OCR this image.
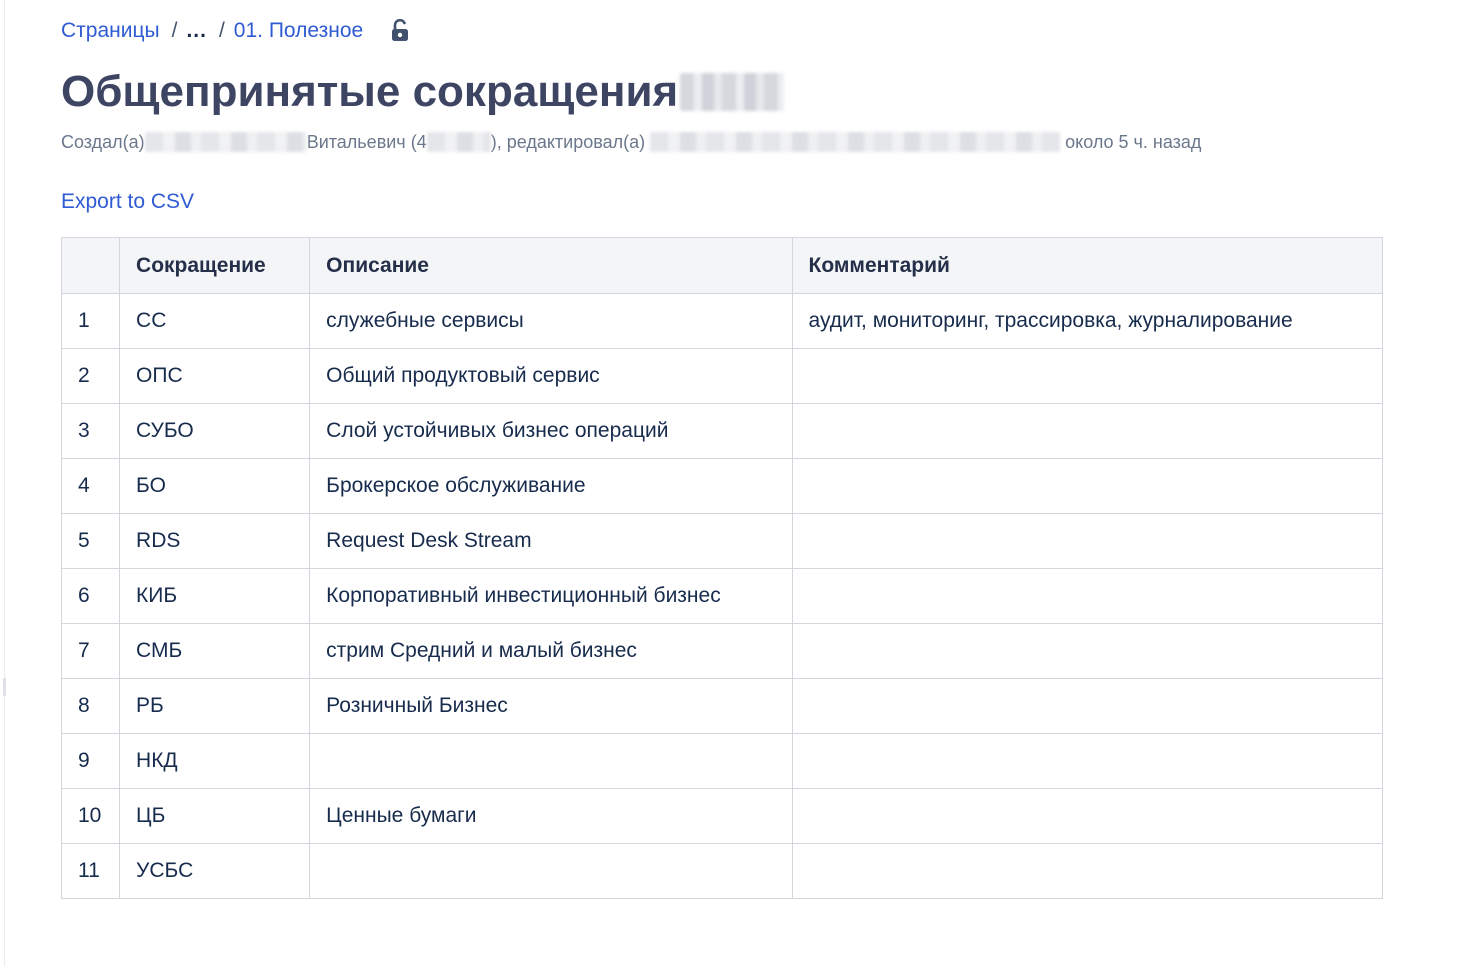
Страницы / ... / 01. Полезное
Общепринятые сокращения
Создал(а)	Витальевич (4	), редактировал(а)	около 5 ч. назад
Export to CSV
	Сокращение	Описание	Комментарий
1	СС	служебные сервисы	аудит, мониторинг, трассировка, журналирование
2	ОПС	Общий продуктовый сервис	
3	СУБО	Слой устойчивых бизнес операций	
4	БО	Брокерское обслуживание	
5	RDS	Request Desk Stream	
6	КИБ	Корпоративный инвестиционный бизнес	
7	СМБ	стрим Средний и малый бизнес	
8	РБ	Розничный Бизнес	
9	НКД		
10	ЦБ	Ценные бумаги	
11	УСБС		
